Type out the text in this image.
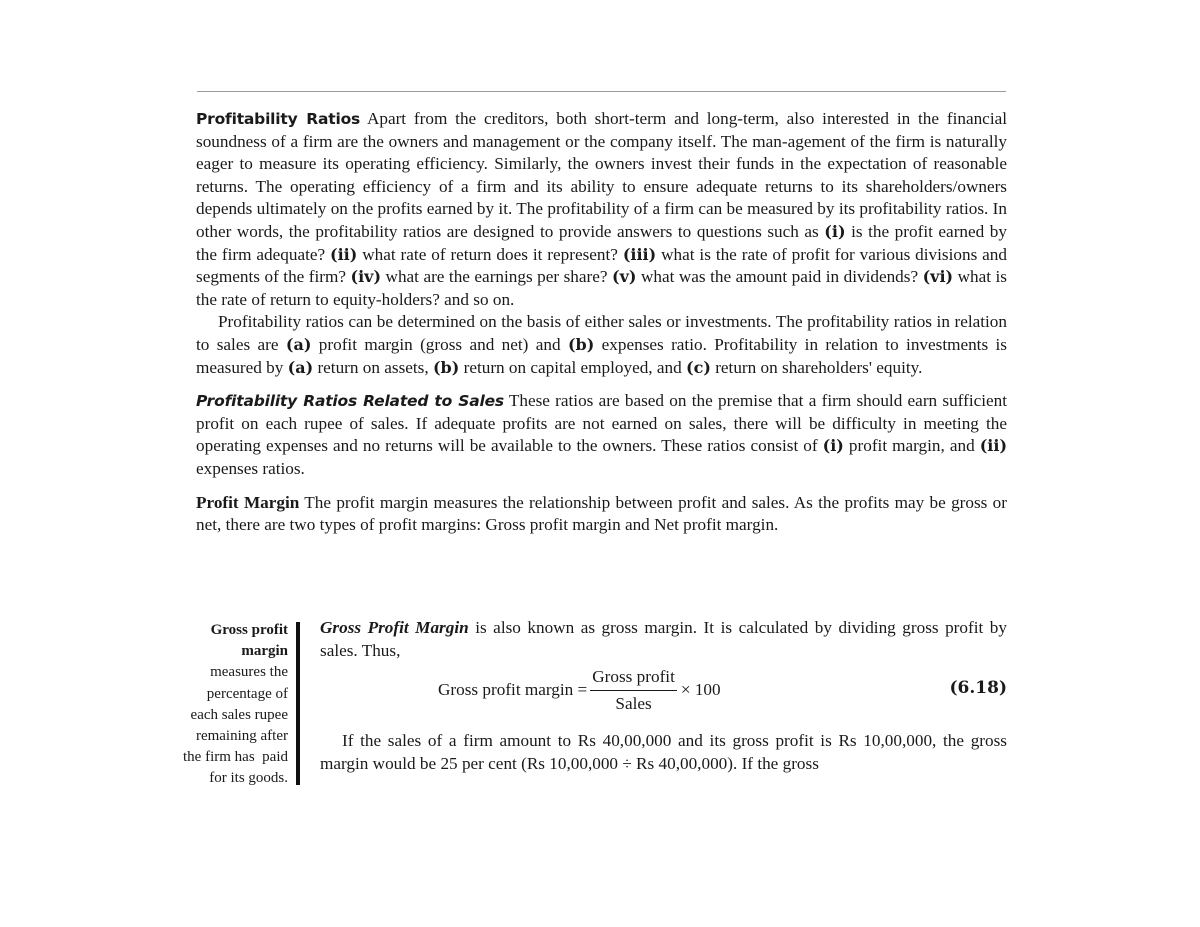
Profitability Ratios Apart from the creditors, both short-term and long-term, also interested in the financial soundness of a firm are the owners and management or the company itself. The man-agement of the firm is naturally eager to measure its operating efficiency. Similarly, the owners invest their funds in the expectation of reasonable returns. The operating efficiency of a firm and its ability to ensure adequate returns to its shareholders/owners depends ultimately on the profits earned by it. The profitability of a firm can be measured by its profitability ratios. In other words, the profitability ratios are designed to provide answers to questions such as (i) is the profit earned by the firm adequate? (ii) what rate of return does it represent? (iii) what is the rate of profit for various divisions and segments of the firm? (iv) what are the earnings per share? (v) what was the amount paid in dividends? (vi) what is the rate of return to equity-holders? and so on.

Profitability ratios can be determined on the basis of either sales or investments. The profitability ratios in relation to sales are (a) profit margin (gross and net) and (b) expenses ratio. Profitability in relation to investments is measured by (a) return on assets, (b) return on capital employed, and (c) return on shareholders' equity.

Profitability Ratios Related to Sales These ratios are based on the premise that a firm should earn sufficient profit on each rupee of sales. If adequate profits are not earned on sales, there will be difficulty in meeting the operating expenses and no returns will be available to the owners. These ratios consist of (i) profit margin, and (ii) expenses ratios.

Profit Margin The profit margin measures the relationship between profit and sales. As the profits may be gross or net, there are two types of profit margins: Gross profit margin and Net profit margin.

Gross profit
margin
measures the
percentage of
each sales rupee
remaining after
the firm has  paid
for its goods.

Gross Profit Margin is also known as gross margin. It is calculated by dividing gross profit by sales. Thus,

Gross profit margin = $\frac{\text{Gross profit}}{\text{Sales}} \times 100$	(6.18)

If the sales of a firm amount to Rs 40,00,000 and its gross profit is Rs 10,00,000, the gross margin would be 25 per cent (Rs 10,00,000 ÷ Rs 40,00,000). If the gross
